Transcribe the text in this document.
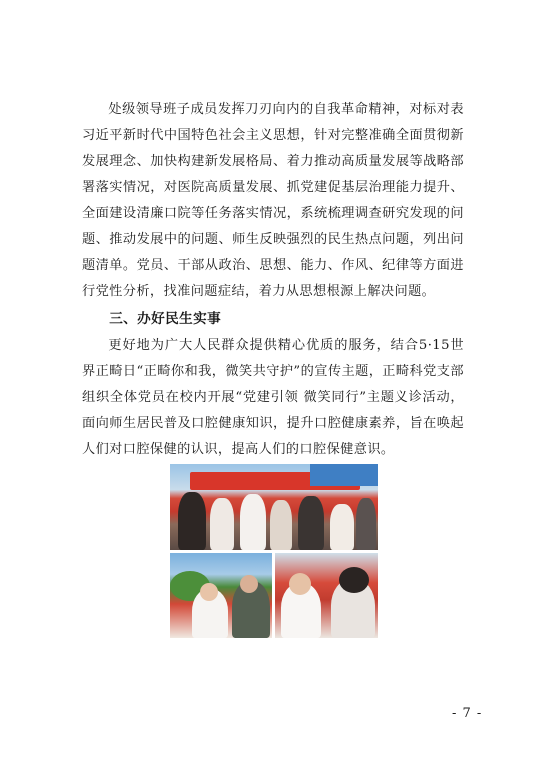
处级领导班子成员发挥刀刃向内的自我革命精神，对标对表习近平新时代中国特色社会主义思想，针对完整准确全面贯彻新发展理念、加快构建新发展格局、着力推动高质量发展等战略部署落实情况，对医院高质量发展、抓党建促基层治理能力提升、全面建设清廉口院等任务落实情况，系统梳理调查研究发现的问题、推动发展中的问题、师生反映强烈的民生热点问题，列出问题清单。党员、干部从政治、思想、能力、作风、纪律等方面进行党性分析，找准问题症结，着力从思想根源上解决问题。

三、办好民生实事

更好地为广大人民群众提供精心优质的服务，结合5·15世界正畸日“正畸你和我，微笑共守护”的宣传主题，正畸科党支部组织全体党员在校内开展“党建引领 微笑同行”主题义诊活动，面向师生居民普及口腔健康知识，提升口腔健康素养，旨在唤起人们对口腔保健的认识，提高人们的口腔保健意识。

- 7 -
